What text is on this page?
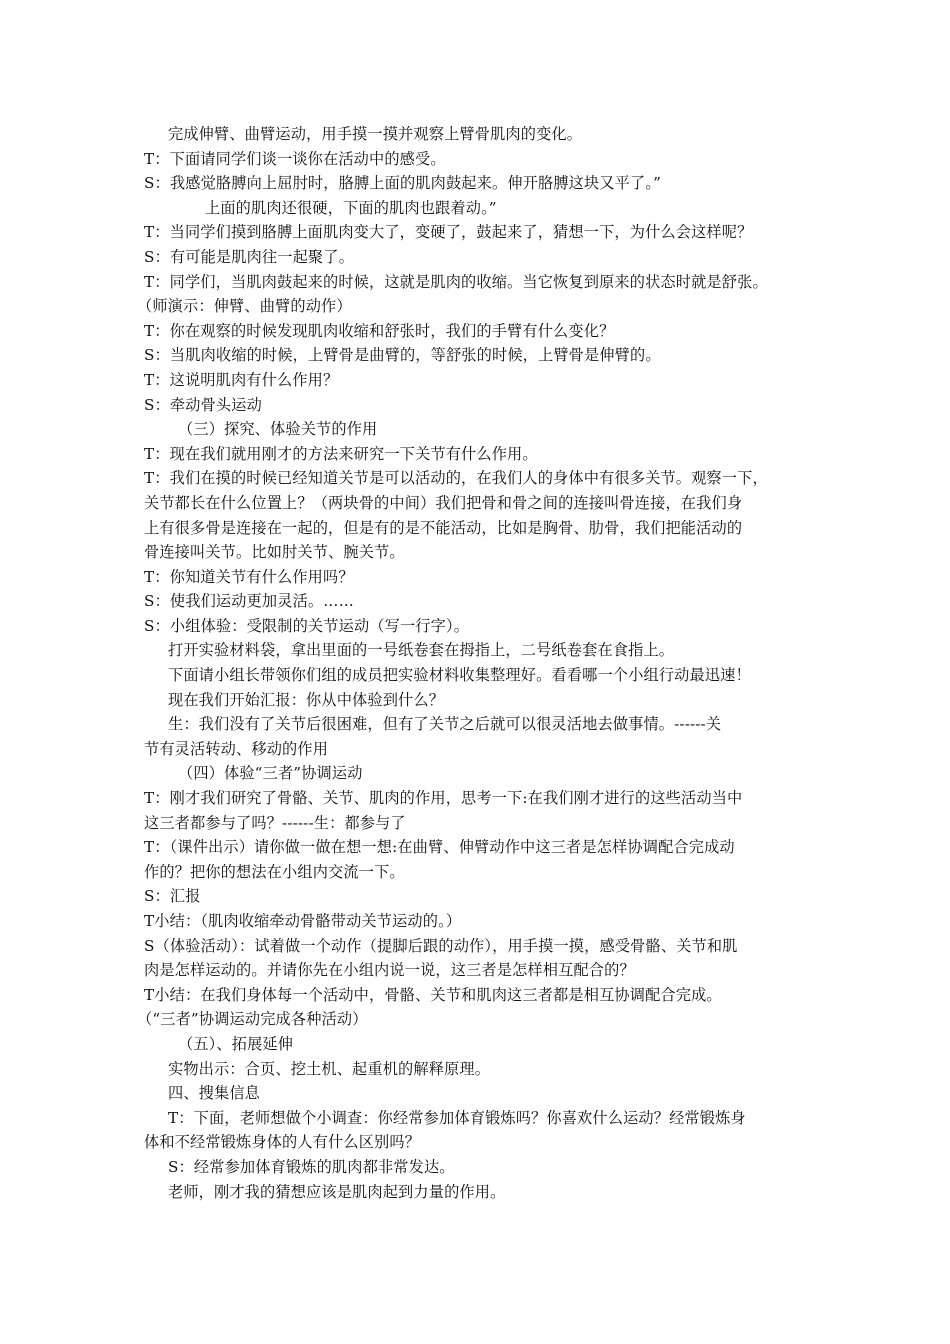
完成伸臂、曲臂运动，用手摸一摸并观察上臂骨肌肉的变化。
T：下面请同学们谈一谈你在活动中的感受。
S：我感觉胳膊向上屈肘时，胳膊上面的肌肉鼓起来。伸开胳膊这块又平了。”
上面的肌肉还很硬，下面的肌肉也跟着动。”
T：当同学们摸到胳膊上面肌肉变大了，变硬了，鼓起来了，猜想一下，为什么会这样呢？
S：有可能是肌肉往一起聚了。
T：同学们，当肌肉鼓起来的时候，这就是肌肉的收缩。当它恢复到原来的状态时就是舒张。
（师演示：伸臂、曲臂的动作）
T：你在观察的时候发现肌肉收缩和舒张时，我们的手臂有什么变化？
S：当肌肉收缩的时候，上臂骨是曲臂的，等舒张的时候，上臂骨是伸臂的。
T：这说明肌肉有什么作用？
S：牵动骨头运动
（三）探究、体验关节的作用
T：现在我们就用刚才的方法来研究一下关节有什么作用。
T：我们在摸的时候已经知道关节是可以活动的，在我们人的身体中有很多关节。观察一下，
关节都长在什么位置上？（两块骨的中间）我们把骨和骨之间的连接叫骨连接，在我们身
上有很多骨是连接在一起的，但是有的是不能活动，比如是胸骨、肋骨，我们把能活动的
骨连接叫关节。比如肘关节、腕关节。
T：你知道关节有什么作用吗？
S：使我们运动更加灵活。……
S：小组体验：受限制的关节运动（写一行字）。
打开实验材料袋，拿出里面的一号纸卷套在拇指上，二号纸卷套在食指上。
下面请小组长带领你们组的成员把实验材料收集整理好。看看哪一个小组行动最迅速！
现在我们开始汇报：你从中体验到什么？
生：我们没有了关节后很困难，但有了关节之后就可以很灵活地去做事情。------关
节有灵活转动、移动的作用
（四）体验“三者”协调运动
T：刚才我们研究了骨骼、关节、肌肉的作用，思考一下:在我们刚才进行的这些活动当中
这三者都参与了吗？------生：都参与了
T：（课件出示）请你做一做在想一想:在曲臂、伸臂动作中这三者是怎样协调配合完成动
作的？把你的想法在小组内交流一下。
S：汇报
T小结：（肌肉收缩牵动骨骼带动关节运动的。）
S（体验活动）：试着做一个动作（提脚后跟的动作），用手摸一摸，感受骨骼、关节和肌
肉是怎样运动的。并请你先在小组内说一说，这三者是怎样相互配合的？
T小结：在我们身体每一个活动中，骨骼、关节和肌肉这三者都是相互协调配合完成。
（“三者”协调运动完成各种活动）
（五）、拓展延伸
实物出示：合页、挖土机、起重机的解释原理。
四、搜集信息
T：下面，老师想做个小调查：你经常参加体育锻炼吗？你喜欢什么运动？经常锻炼身
体和不经常锻炼身体的人有什么区别吗？
S：经常参加体育锻炼的肌肉都非常发达。
老师，刚才我的猜想应该是肌肉起到力量的作用。
